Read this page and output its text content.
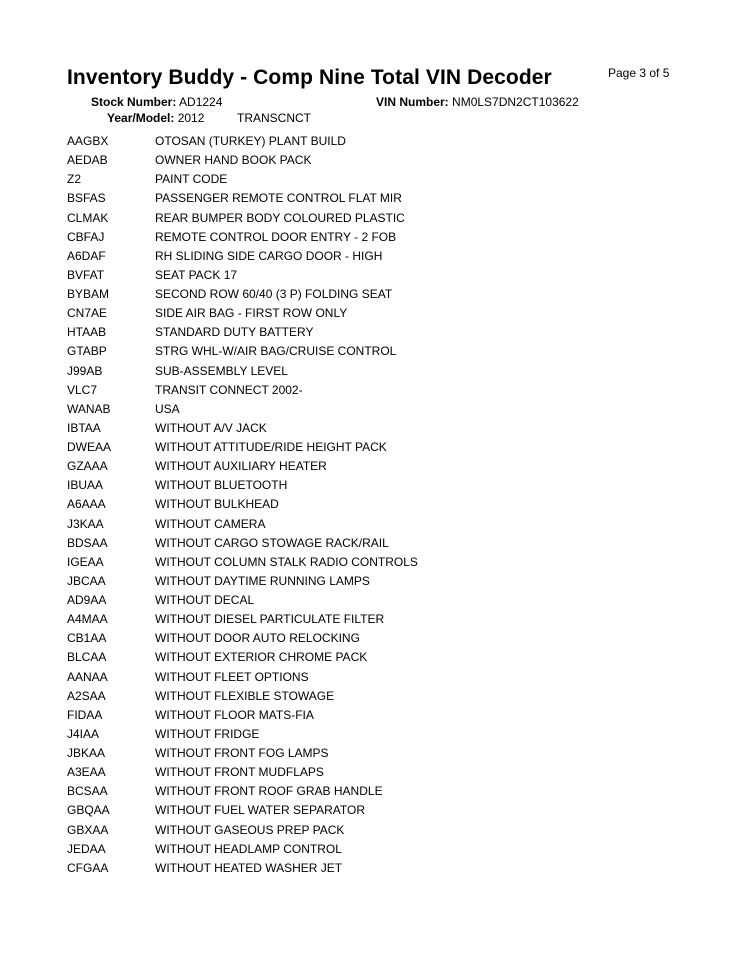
Inventory Buddy - Comp Nine Total VIN Decoder	Page 3 of 5
Stock Number: AD1224	VIN Number: NM0LS7DN2CT103622
Year/Model: 2012	TRANSCNCT
AAGBX	OTOSAN (TURKEY) PLANT BUILD
AEDAB	OWNER HAND BOOK PACK
Z2	PAINT CODE
BSFAS	PASSENGER REMOTE CONTROL FLAT MIR
CLMAK	REAR BUMPER BODY COLOURED PLASTIC
CBFAJ	REMOTE CONTROL DOOR ENTRY - 2 FOB
A6DAF	RH SLIDING SIDE CARGO DOOR - HIGH
BVFAT	SEAT PACK 17
BYBAM	SECOND ROW 60/40 (3 P) FOLDING SEAT
CN7AE	SIDE AIR BAG - FIRST ROW ONLY
HTAAB	STANDARD DUTY BATTERY
GTABP	STRG WHL-W/AIR BAG/CRUISE CONTROL
J99AB	SUB-ASSEMBLY LEVEL
VLC7	TRANSIT CONNECT 2002-
WANAB	USA
IBTAA	WITHOUT A/V JACK
DWEAA	WITHOUT ATTITUDE/RIDE HEIGHT PACK
GZAAA	WITHOUT AUXILIARY HEATER
IBUAA	WITHOUT BLUETOOTH
A6AAA	WITHOUT BULKHEAD
J3KAA	WITHOUT CAMERA
BDSAA	WITHOUT CARGO STOWAGE RACK/RAIL
IGEAA	WITHOUT COLUMN STALK RADIO CONTROLS
JBCAA	WITHOUT DAYTIME RUNNING LAMPS
AD9AA	WITHOUT DECAL
A4MAA	WITHOUT DIESEL PARTICULATE FILTER
CB1AA	WITHOUT DOOR AUTO RELOCKING
BLCAA	WITHOUT EXTERIOR CHROME PACK
AANAA	WITHOUT FLEET OPTIONS
A2SAA	WITHOUT FLEXIBLE STOWAGE
FIDAA	WITHOUT FLOOR MATS-FIA
J4IAA	WITHOUT FRIDGE
JBKAA	WITHOUT FRONT FOG LAMPS
A3EAA	WITHOUT FRONT MUDFLAPS
BCSAA	WITHOUT FRONT ROOF GRAB HANDLE
GBQAA	WITHOUT FUEL WATER SEPARATOR
GBXAA	WITHOUT GASEOUS PREP PACK
JEDAA	WITHOUT HEADLAMP CONTROL
CFGAA	WITHOUT HEATED WASHER JET
